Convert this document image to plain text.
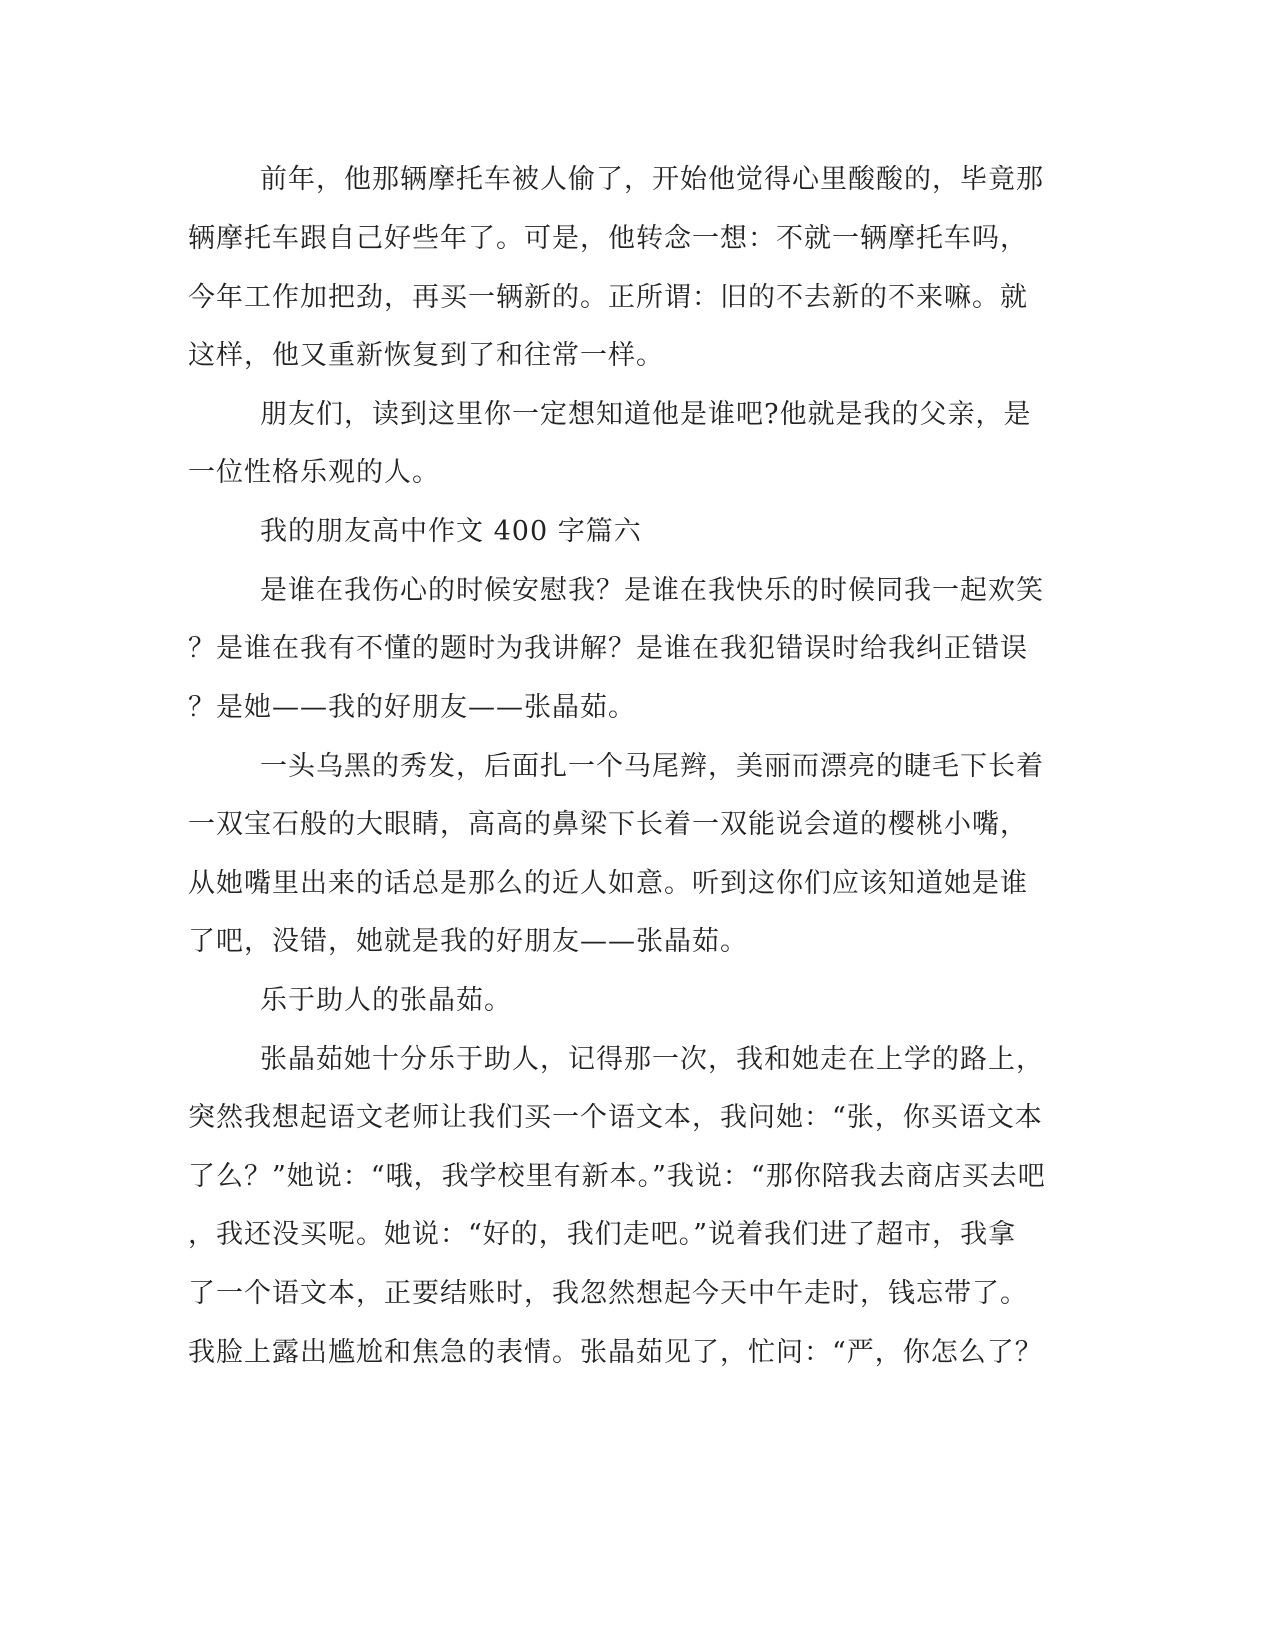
前年，他那辆摩托车被人偷了，开始他觉得心里酸酸的，毕竟那
辆摩托车跟自己好些年了。可是，他转念一想：不就一辆摩托车吗，
今年工作加把劲，再买一辆新的。正所谓：旧的不去新的不来嘛。就
这样，他又重新恢复到了和往常一样。
朋友们，读到这里你一定想知道他是谁吧?他就是我的父亲，是
一位性格乐观的人。
我的朋友高中作文 400 字篇六
是谁在我伤心的时候安慰我？是谁在我快乐的时候同我一起欢笑
？是谁在我有不懂的题时为我讲解？是谁在我犯错误时给我纠正错误
？是她——我的好朋友——张晶茹。
一头乌黑的秀发，后面扎一个马尾辫，美丽而漂亮的睫毛下长着
一双宝石般的大眼睛，高高的鼻梁下长着一双能说会道的樱桃小嘴，
从她嘴里出来的话总是那么的近人如意。听到这你们应该知道她是谁
了吧，没错，她就是我的好朋友——张晶茹。
乐于助人的张晶茹。
张晶茹她十分乐于助人，记得那一次，我和她走在上学的路上，
突然我想起语文老师让我们买一个语文本，我问她：“张，你买语文本
了么？”她说：“哦，我学校里有新本。”我说：“那你陪我去商店买去吧
，我还没买呢。她说：“好的，我们走吧。”说着我们进了超市，我拿
了一个语文本，正要结账时，我忽然想起今天中午走时，钱忘带了。
我脸上露出尴尬和焦急的表情。张晶茹见了，忙问：“严，你怎么了？
